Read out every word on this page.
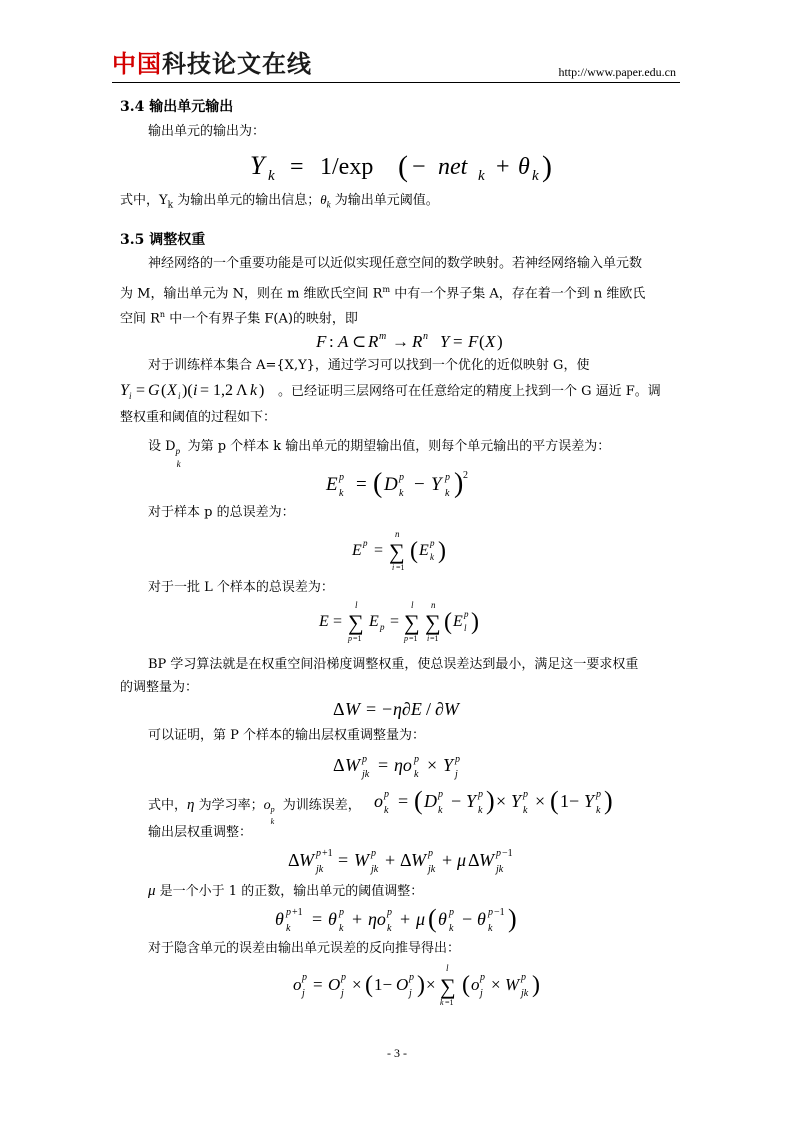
中国科技论文在线	http://www.paper.edu.cn
3.4 输出单元输出
输出单元的输出为：
Y k = 1/exp ( − net k + θ k )
式中，$Y_k$ 为输出单元的输出信息；$\theta_k$ 为输出单元阈值。
3.5 调整权重
神经网络的一个重要功能是可以近似实现任意空间的数学映射。若神经网络输入单元数
为 M，输出单元为 N，则在 m 维欧氏空间 $R^m$ 中有一个界子集 A，存在着一个到 n 维欧氏
空间 $R^n$ 中一个有界子集 F(A)的映射，即
F : A ⊂ R m → R n Y = F ( X )
对于训练样本集合 A={X,Y}，通过学习可以找到一个优化的近似映射 G，使
Y i = G ( X i )( i = 1,2 Λ k ) 。已经证明三层网络可在任意给定的精度上找到一个 G 逼近 F。调
整权重和阈值的过程如下：
设 D p
k
为第 p 个样本 k 输出单元的期望输出值，则每个单元输出的平方误差为：
E p
k = ( D p
k − Y p
k ) 2
对于样本 p 的总误差为：
E p =
n
∑
i =1
( E p
k )
对于一批 L 个样本的总误差为：
E =
l
∑
p =1
E p =
l
∑
p =1
n
∑
i =1
( E p
l )
BP 学习算法就是在权重空间沿梯度调整权重，使总误差达到最小，满足这一要求权重
的调整量为：
Δ W = − η∂E / ∂W
可以证明，第 P 个样本的输出层权重调整量为：
Δ W p
jk = ηo p
k × Y p
j
式中，η 为学习率；o p
k
为训练误差， o p
k = ( D p
k − Y p
k ) × Y p
k × ( 1− Y p
k )
输出层权重调整：
Δ W p +1
jk = W p
jk + Δ W p
jk + μ Δ W p −1
jk
μ 是一个小于 1 的正数，输出单元的阈值调整：
θ p +1
k = θ p
k + ηo p
k + μ ( θ p
k − θ p −1
k )
对于隐含单元的误差由输出单元误差的反向推导得出：
o p
j = O p
j × ( 1− O p
j ) ×
l
∑
k =1
( o p
j × W p
jk )
- 3 -
